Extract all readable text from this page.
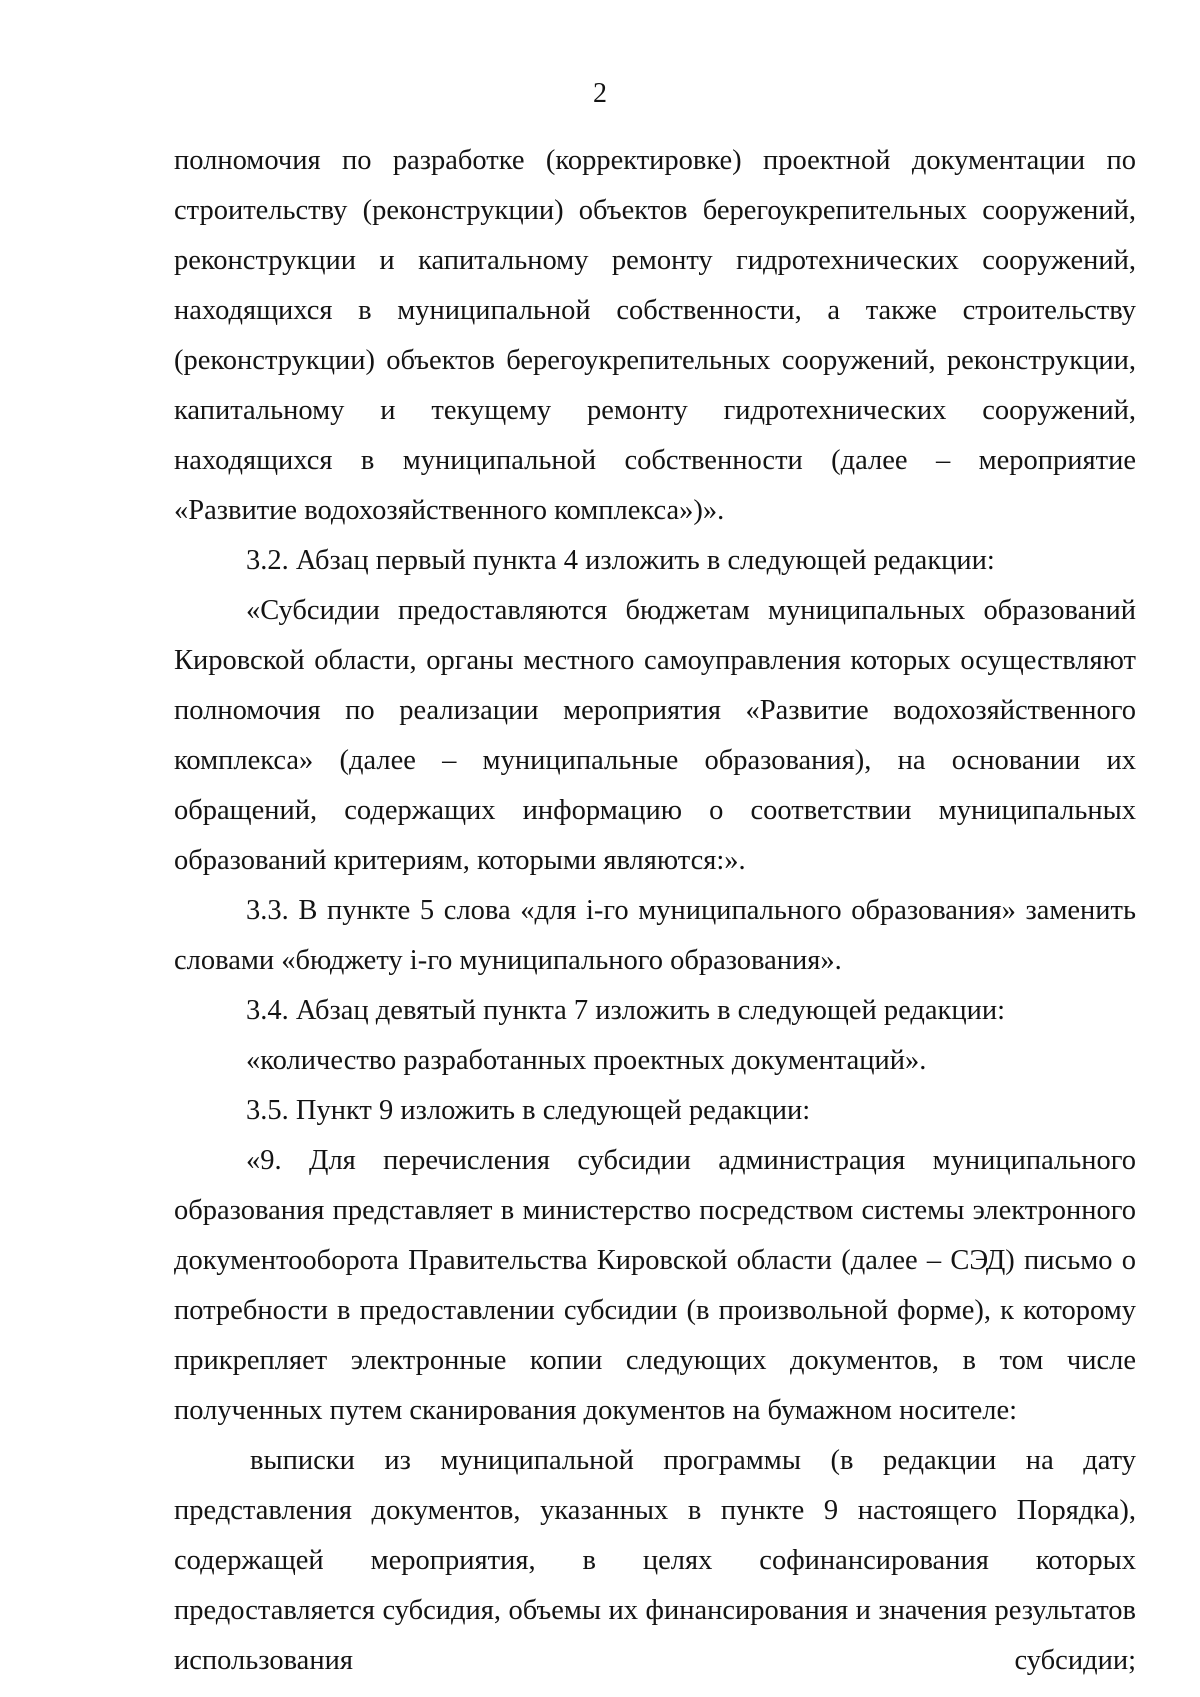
2

полномочия по разработке (корректировке) проектной документации по строительству (реконструкции) объектов берегоукрепительных сооружений, реконструкции и капитальному ремонту гидротехнических сооружений, находящихся в муниципальной собственности, а также строительству (реконструкции) объектов берегоукрепительных сооружений, реконструкции, капитальному и текущему ремонту гидротехнических сооружений, находящихся в муниципальной собственности (далее – мероприятие «Развитие водохозяйственного комплекса»)».

3.2. Абзац первый пункта 4 изложить в следующей редакции:

«Субсидии предоставляются бюджетам муниципальных образований Кировской области, органы местного самоуправления которых осуществляют полномочия по реализации мероприятия «Развитие водохозяйственного комплекса» (далее – муниципальные образования), на основании их обращений, содержащих информацию о соответствии муниципальных образований критериям, которыми являются:».

3.3. В пункте 5 слова «для i-го муниципального образования» заменить словами «бюджету i-го муниципального образования».

3.4. Абзац девятый пункта 7 изложить в следующей редакции:

«количество разработанных проектных документаций».

3.5. Пункт 9 изложить в следующей редакции:

«9. Для перечисления субсидии администрация муниципального образования представляет в министерство посредством системы электронного документооборота Правительства Кировской области (далее – СЭД) письмо о потребности в предоставлении субсидии (в произвольной форме), к которому прикрепляет электронные копии следующих документов, в том числе полученных путем сканирования документов на бумажном носителе:

выписки из муниципальной программы (в редакции на дату представления документов, указанных в пункте 9 настоящего Порядка), содержащей мероприятия, в целях софинансирования которых предоставляется субсидия, объемы их финансирования и значения результатов использования субсидии;
